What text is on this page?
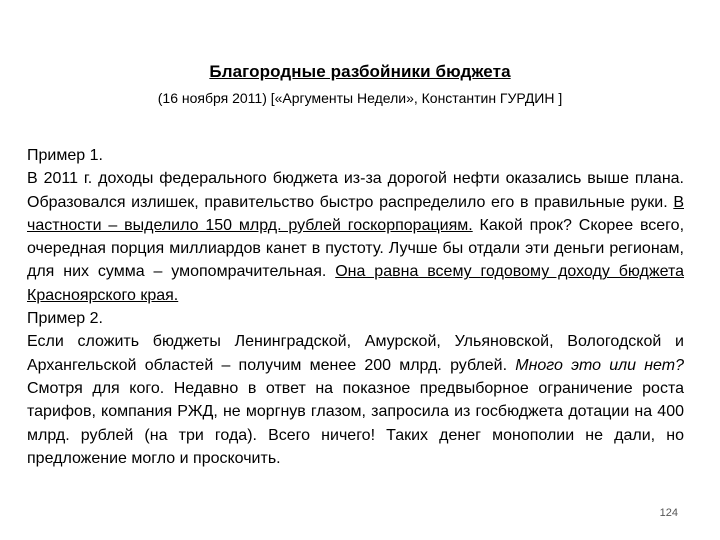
Благородные разбойники бюджета
(16 ноября 2011) [«Аргументы Недели», Константин ГУРДИН ]

Пример 1.

В 2011 г. доходы федерального бюджета из-за дорогой нефти оказались выше плана. Образовался излишек, правительство быстро распределило его в правильные руки. В частности – выделило 150 млрд. рублей госкорпорациям. Какой прок? Скорее всего, очередная порция миллиардов канет в пустоту. Лучше бы отдали эти деньги регионам, для них сумма – умопомрачительная. Она равна всему годовому доходу бюджета Красноярского края.

Пример 2.

Если сложить бюджеты Ленинградской, Амурской, Ульяновской, Вологодской и Архангельской областей – получим менее 200 млрд. рублей. Много это или нет? Смотря для кого. Недавно в ответ на показное предвыборное ограничение роста тарифов, компания РЖД, не моргнув глазом, запросила из госбюджета дотации на 400 млрд. рублей (на три года). Всего ничего! Таких денег монополии не дали, но предложение могло и проскочить.

124
